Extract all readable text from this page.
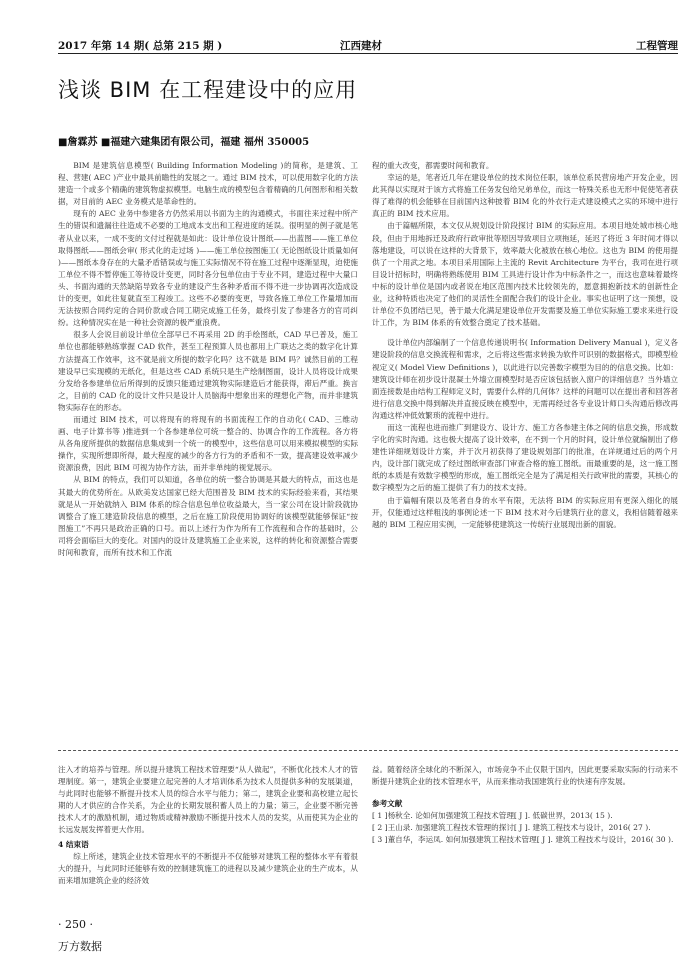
2017 年第 14 期( 总第 215 期 )	江西建材	工程管理
浅谈 BIM 在工程建设中的应用
■詹霖苏 ■福建六建集团有限公司，福建 福州 350005

BIM 是建筑信息模型( Building Information Modeling )的简称，是建筑、工程、营建( AEC )产业中最具前瞻性的发展之一。通过 BIM 技术，可以使用数字化的方法建造一个或多个精确的建筑物虚拟模型。电脑生成的模型包含着精确的几何图形和相关数据，对目前的 AEC 业务模式是革命性的。

现有的 AEC 业务中参建各方仍然采用以书面为主的沟通模式，书面往来过程中所产生的错误和遗漏往往造成不必要的工地成本支出和工程进度的延误。很明显的例子就是笔者从业以来，一成不变的文付过程就是如此：设计单位设计图纸——出蓝图——施工单位取得图纸——图纸会审( 形式化的走过场 )——施工单位按图施工( 无论图纸设计质量如何 )——图纸本身存在的大量矛盾错误或与施工实际情况不符在施工过程中逐渐显现，迫使施工单位不得不暂停施工等待设计变更，同时各分包单位由于专业不同，建造过程中大量口头、书面沟通的天然缺陷导致各专业的建设产生各种矛盾而不得不进一步协调再次造成设计的变更，如此往复就直至工程竣工。这些不必要的变更，导致各施工单位工作量增加而无法按照合同约定的合同价款或合同工期完成施工任务，最终引发了参建各方的官司纠纷。这种情况实在是一种社会资源的极严重浪费。

很多人会说目前设计单位全部早已不再采用 2D 的手绘图纸，CAD 早已普及，施工单位也都能够熟练掌握 CAD 软件，甚至工程预算人员也都用上广联达之类的数字化计算方法提高工作效率，这不就是前文所提的数字化吗？这不就是 BIM 吗？诚然目前的工程建设早已实现模的无纸化，但是这些 CAD 系统只是生产绘制图面，设计人员将设计成果分发给各参建单位后所得到的反馈只能通过建筑物实际建造后才能获得，滞后严重。换言之，目前的 CAD 化的设计文件只是设计人员脑海中想象出来的理想化产物，而并非建筑物实际存在的形态。

而通过 BIM 技术，可以将现有的将现有的书面流程工作的自动化( CAD、三维动画、电子计算书等 )推进到一个各参建单位可统一整合的、协调合作的工作流程。各方将从各角度所提供的数据信息集成到一个统一的模型中，这些信息可以用来模拟模型的实际操作，实现所想即所得，最大程度的减少的各方行为的矛盾和不一致，提高建设效率减少资源浪费，因此 BIM 可视为协作方法，而并非单纯的视觉展示。

从 BIM 的特点，我们可以知道，各单位的统一整合协调是其最大的特点，而这也是其最大的优势所在。从欧美发达国家已经大范围普及 BIM 技术的实际经验来看，其结果就是从一开始就纳入 BIM 体系的综合信息包单位收益最大，当一家公司在设计阶段就协调整合了施工建造阶段信息的模型，之后在施工阶段使用协调好的该模型就能够保证“按图施工”不再只是政治正确的口号。而以上述行为作为所有工作流程和合作的基础时，公司将会面临巨大的变化。对国内的设计及建筑施工企业来说，这样的转化和资源整合需要时间和教育，而所有技术和工作流

程的重大改变，都需要时间和教育。

幸运的是，笔者近几年在建设单位的技术岗位任职，该单位系民营房地产开发企业，因此其得以实现对于该方式将施工任务发包给兄弟单位，而这一特殊关系也无形中促使笔者获得了难得的机会能够在目前国内这种披着 BIM 化的外衣行走式建设模式之实的环境中进行真正的 BIM 技术应用。

由于篇幅所限，本文仅从规划设计阶段探讨 BIM 的实际应用。本项目地处城市核心地段，但由于用地拆迁及政府行政审批等原因导致项目立项拖延，延迟了将近 3 年时间才得以落地建设，可以说在这样的大背景下，效率最大化被放在核心地位。这也为 BIM 的使用提供了一个用武之地。本项目采用国际上主流的 Revit Architecture 为平台，我司在进行项目设计招标时，明确将熟练使用 BIM 工具进行设计作为中标条件之一，而这也意味着最终中标的设计单位是国内或者说在地区范围内技术比较领先的，愿意拥抱新技术的创新性企业，这种特质也决定了他们的灵活性全面配合我们的设计企业。事实也证明了这一预想，设计单位不负团结已见，善于最大化满足建设单位开发需要及施工单位实际施工要求来进行设计工作，为 BIM 体系的有效整合奠定了技术基础。

设计单位内部编制了一个信息传递说明书( Information Delivery Manual )，定义各建设阶段的信息交换流程和需求，之后将这些需求转换为软件可识别的数据格式，即模型检视定义( Model View Definitions )，以此进行以完善数字模型为目的的信息交换。比如：建筑设计师在初步设计混凝土外墙立面模型时是否应该包括嵌入窗户的详细信息？当外墙立面连接数是由结构工程师定义时，需要什么样的几何体？这样的问题可以在提出者和回答者进行信息交换中得到解决并直接反映在模型中，无需再经过各专业设计师口头沟通后修改再沟通这样冲低效繁琐的流程中进行。

而这一流程也进而推广到建设方、设计方、施工方各参建主体之间的信息交换，形成数字化的实时沟通。这也极大提高了设计效率，在不到一个月的时间，设计单位就编制出了修建性详细规划设计方案，并于次月初获得了建设规划部门的批准，在详规通过后的两个月内，设计部门就完成了经过图纸审查部门审查合格的施工图纸。而最重要的是，这一施工图纸的本质是有效数字模型的形成，施工图纸完全是为了满足相关行政审批的需要，其核心的数字模型为之后的施工提供了有力的技术支持。

由于篇幅有限以及笔者自身的水平有限，无法将 BIM 的实际应用有更深入细化的展开，仅能通过这样粗浅的事例论述一下 BIM 技术对今后建筑行业的意义，我相信随着越来越的 BIM 工程应用实例，一定能够使建筑这一传统行业展现出新的面貌。

注入才的培养与管理。所以提升建筑工程技术管理要“从人做起”，不断优化技术人才的管理制度。第一，建筑企业要建立起完善的人才培训体系为技术人员提供多种的发展渠道，与此同时也能够不断提升技术人员的综合水平与能力；第二，建筑企业要和高校建立起长期的人才供应的合作关系，为企业的长期发展积蓄人员上的力量；第三，企业要不断完善技术人才的激励机制，通过物质或精神激励不断提升技术人员的发奖，从而使其为企业的长远发展发挥着更大作用。

4 结束语

综上所述，建筑企业技术管理水平的不断提升不仅能够对建筑工程的整体水平有着很大的提升，与此同时还能够有效的控制建筑施工的进程以及减少建筑企业的生产成本，从而来增加建筑企业的经济效

益。随着经济全球化的不断深入，市场竞争不止仅限于国内，因此更要采取实际的行动来不断提升建筑企业的技术管理水平，从而来推动我国建筑行业的快速有序发展。

参考文献

[ 1 ]杨秋全. 论如何加强建筑工程技术管理[ J ]. 低碳世界，2013( 15 ).

[ 2 ]王山录. 加强建筑工程技术管理的探讨[ J ]. 建筑工程技术与设计，2016( 27 ).

[ 3 ]董自华，李运凤. 如何加强建筑工程技术管理[ J ]. 建筑工程技术与设计，2016( 30 ).

· 250 ·
万方数据
